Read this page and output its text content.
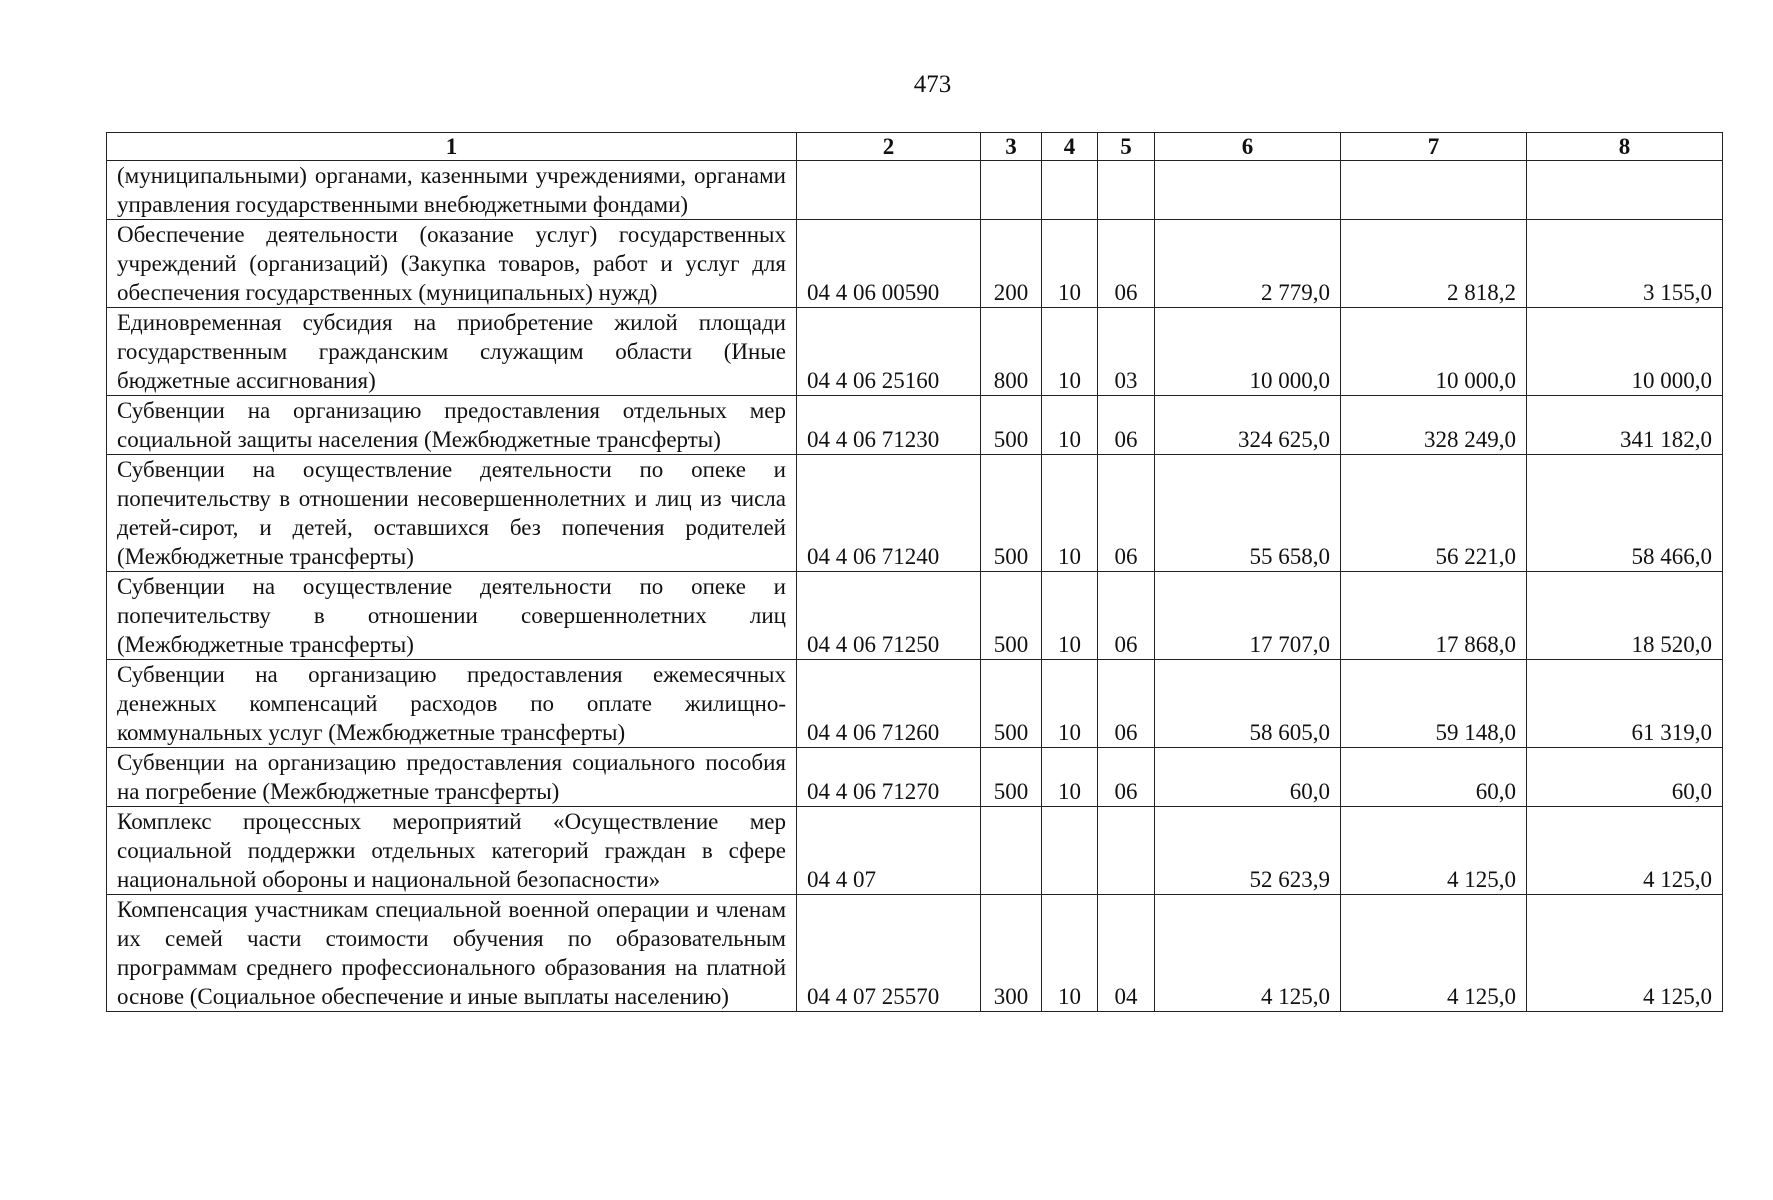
473
1	2	3	4	5	6	7	8
(муниципальными) органами, казенными учреждениями, органами управления государственными внебюджетными фондами)							
Обеспечение деятельности (оказание услуг) государственных учреждений (организаций) (Закупка товаров, работ и услуг для обеспечения государственных (муниципальных) нужд)	04 4 06 00590	200	10	06	2 779,0	2 818,2	3 155,0
Единовременная субсидия на приобретение жилой площади государственным гражданским служащим области (Иные бюджетные ассигнования)	04 4 06 25160	800	10	03	10 000,0	10 000,0	10 000,0
Субвенции на организацию предоставления отдельных мер социальной защиты населения (Межбюджетные трансферты)	04 4 06 71230	500	10	06	324 625,0	328 249,0	341 182,0
Субвенции на осуществление деятельности по опеке и попечительству в отношении несовершеннолетних и лиц из числа детей-сирот, и детей, оставшихся без попечения родителей (Межбюджетные трансферты)	04 4 06 71240	500	10	06	55 658,0	56 221,0	58 466,0
Субвенции на осуществление деятельности по опеке и попечительству в отношении совершеннолетних лиц (Межбюджетные трансферты)	04 4 06 71250	500	10	06	17 707,0	17 868,0	18 520,0
Субвенции на организацию предоставления ежемесячных денежных компенсаций расходов по оплате жилищно-коммунальных услуг (Межбюджетные трансферты)	04 4 06 71260	500	10	06	58 605,0	59 148,0	61 319,0
Субвенции на организацию предоставления социального пособия на погребение (Межбюджетные трансферты)	04 4 06 71270	500	10	06	60,0	60,0	60,0
Комплекс процессных мероприятий «Осуществление мер социальной поддержки отдельных категорий граждан в сфере национальной обороны и национальной безопасности»	04 4 07				52 623,9	4 125,0	4 125,0
Компенсация участникам специальной военной операции и членам их семей части стоимости обучения по образовательным программам среднего профессионального образования на платной основе (Социальное обеспечение и иные выплаты населению)	04 4 07 25570	300	10	04	4 125,0	4 125,0	4 125,0
